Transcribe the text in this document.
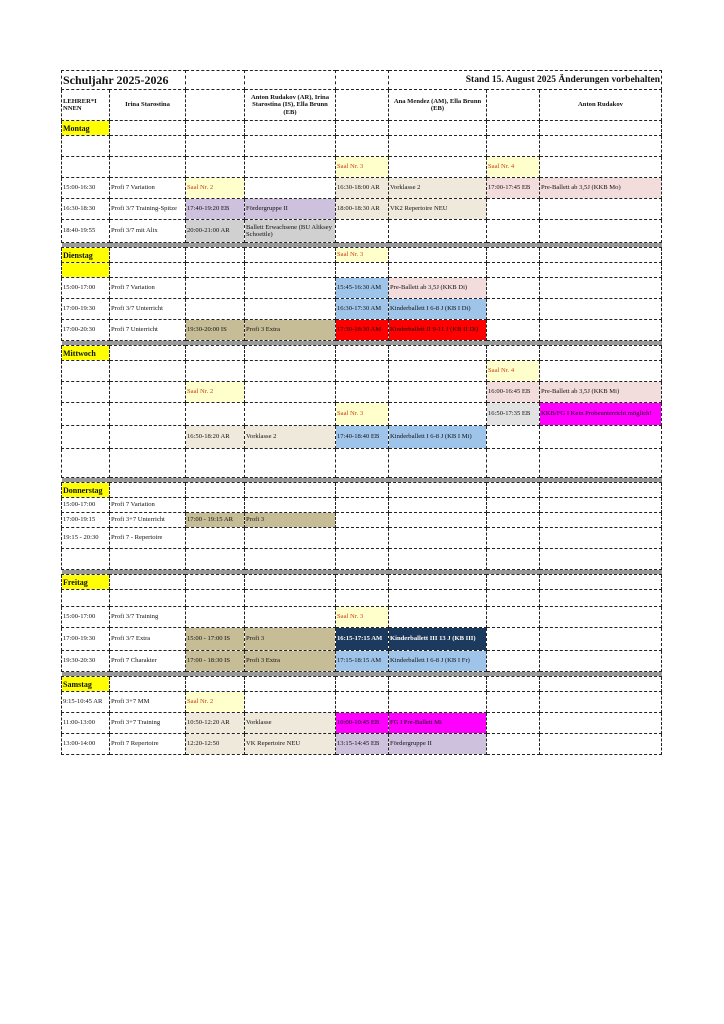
Schuljahr 2025-2026					Stand 15. August 2025 Änderungen vorbehalten		
LEHRER*I NNEN	Irina Starostina		Anton Rudakov (AR), Irina Starostina (IS), Ella Brunn (EB)		Ana Mendez (AM), Ella Brunn (EB)		Anton Rudakov
Montag							

				Saal Nr. 3		Saal Nr. 4	
15:00-16:30	Profi 7 Variation	Saal Nr. 2		16:30-18:00 AR	Vorklasse 2	17:00-17:45 EB	Pre-Ballett ab 3,5J (KKB Mo)
16:30-18:30	Profi 3/7 Training-Spitze	17:40-19:20 EB	Fördergruppe II	18:00-18:30 AR	VK2 Repertoire NEU		
18:40-19:55	Profi 3/7 mit Alix	20:00-21:00 AR	Ballett Erwachsene (BU Aliksey Schoettle)				

Dienstag				Saal Nr. 3			

15:00-17:00	Profi 7 Variation			15:45-16:30 AM	Pre-Ballett ab 3,5J (KKB Di)		
17:00-19:30	Profi 3/7 Unterricht			16:30-17:30 AM	Kinderballett I 6-8 J (KB I Di)		
17:00-20:30	Profi 7 Unterricht	19:30-20:00 IS	Profi 3 Extra	17:30-18:30 AM	Kinderballett II 9-11 J (KB II Di)		

Mittwoch							
						Saal Nr. 4	
		Saal Nr. 2				16:00-16:45 EB	Pre-Ballett ab 3,5J (KKB Mi)
				Saal Nr. 3		16:50-17:35 EB	KKB/FG I Kein Probeunterricht möglich!
		16:50-18:20 AR	Vorklasse 2	17:40-18:40 EB	Kinderballett I 6-8 J (KB I Mi)		

Donnerstag							
15:00-17:00	Profi 7 Variation						
17:00-19:15	Profi 3+7 Unterricht	17:00 - 19:15 AR	Profi 3				
19:15 - 20:30	Profi 7 - Repertoire						

Freitag							

15:00-17:00	Profi 3/7 Training			Saal Nr. 3			
17:00-19:30	Profi 3/7 Extra	15:00 - 17:00 IS	Profi 3	16:15-17:15 AM	Kinderballett III 13 J (KB III)		
19:30-20:30	Profi 7 Charakter	17:00 - 18:30 IS	Profi 3 Extra	17:15-18:15 AM	Kinderballett I 6-8 J (KB I Fr)		

Samstag							
9:15-10:45 AR	Profi 3+7 MM	Saal Nr. 2					
11:00-13:00	Profi 3+7 Training	10:50-12:20 AR	Vorklasse	10:00-10:45 EB	FG I Pre-Ballett Mi		
13:00-14:00	Profi 7 Repertoire	12:20-12:50	VK Repertoire NEU	13:15-14:45 EB	Fördergruppe II		
